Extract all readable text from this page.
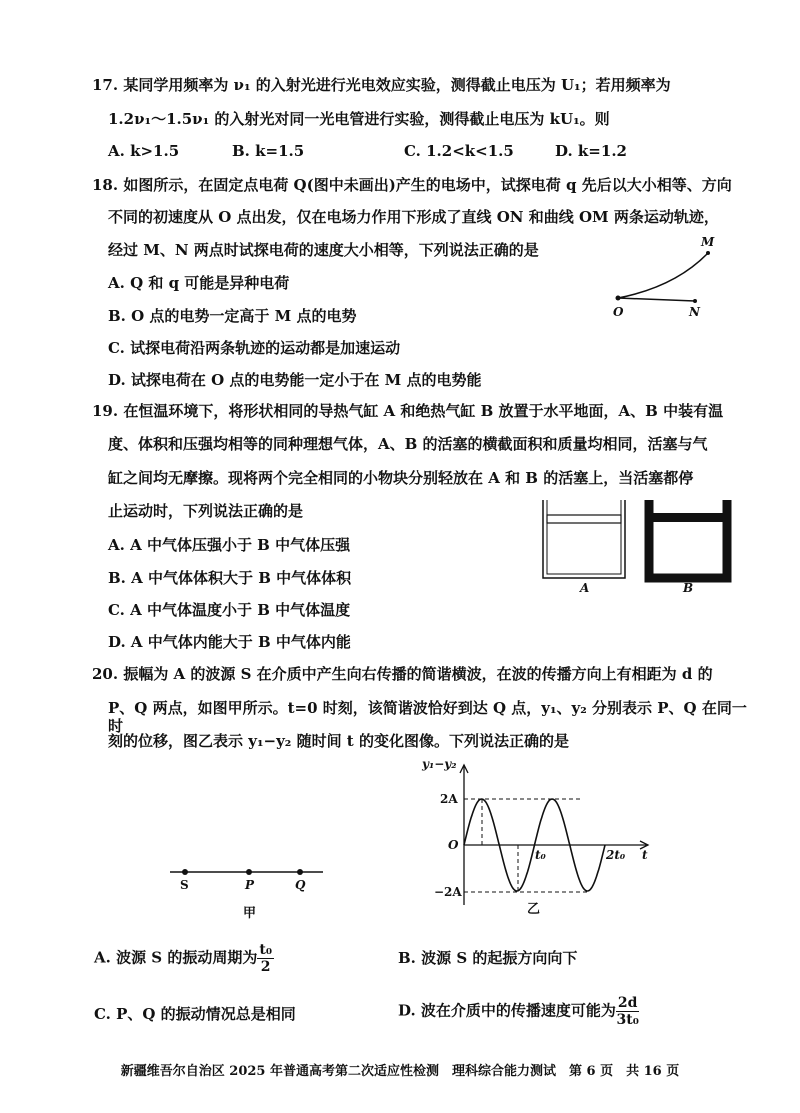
17. 某同学用频率为 ν₁ 的入射光进行光电效应实验，测得截止电压为 U₁；若用频率为
1.2ν₁～1.5ν₁ 的入射光对同一光电管进行实验，测得截止电压为 kU₁。则
A. k>1.5	B. k=1.5	C. 1.2<k<1.5	D. k=1.2
18. 如图所示，在固定点电荷 Q(图中未画出)产生的电场中，试探电荷 q 先后以大小相等、方向
不同的初速度从 O 点出发，仅在电场力作用下形成了直线 ON 和曲线 OM 两条运动轨迹，
经过 M、N 两点时试探电荷的速度大小相等，下列说法正确的是
A. Q 和 q 可能是异种电荷
B. O 点的电势一定高于 M 点的电势
C. 试探电荷沿两条轨迹的运动都是加速运动
D. 试探电荷在 O 点的电势能一定小于在 M 点的电势能
M
O	N
19. 在恒温环境下，将形状相同的导热气缸 A 和绝热气缸 B 放置于水平地面，A、B 中装有温
度、体积和压强均相等的同种理想气体，A、B 的活塞的横截面积和质量均相同，活塞与气
缸之间均无摩擦。现将两个完全相同的小物块分别轻放在 A 和 B 的活塞上，当活塞都停
止运动时，下列说法正确的是
A. A 中气体压强小于 B 中气体压强
B. A 中气体体积大于 B 中气体体积
C. A 中气体温度小于 B 中气体温度
D. A 中气体内能大于 B 中气体内能
A	B
20. 振幅为 A 的波源 S 在介质中产生向右传播的简谐横波，在波的传播方向上有相距为 d 的
P、Q 两点，如图甲所示。t=0 时刻，该简谐波恰好到达 Q 点，y₁、y₂ 分别表示 P、Q 在同一时
刻的位移，图乙表示 y₁−y₂ 随时间 t 的变化图像。下列说法正确的是
S	P	Q
甲
y₁−y₂
2A
O
−2A
t₀	2t₀ t
乙
A. 波源 S 的振动周期为 $\frac{\text{t₀}}{2}$	B. 波源 S 的起振方向向下
C. P、Q 的振动情况总是相同	D. 波在介质中的传播速度可能为 $\frac{2d}{\text{3t₀}}$
新疆维吾尔自治区 2025 年普通高考第二次适应性检测　理科综合能力测试　第 6 页　共 16 页
